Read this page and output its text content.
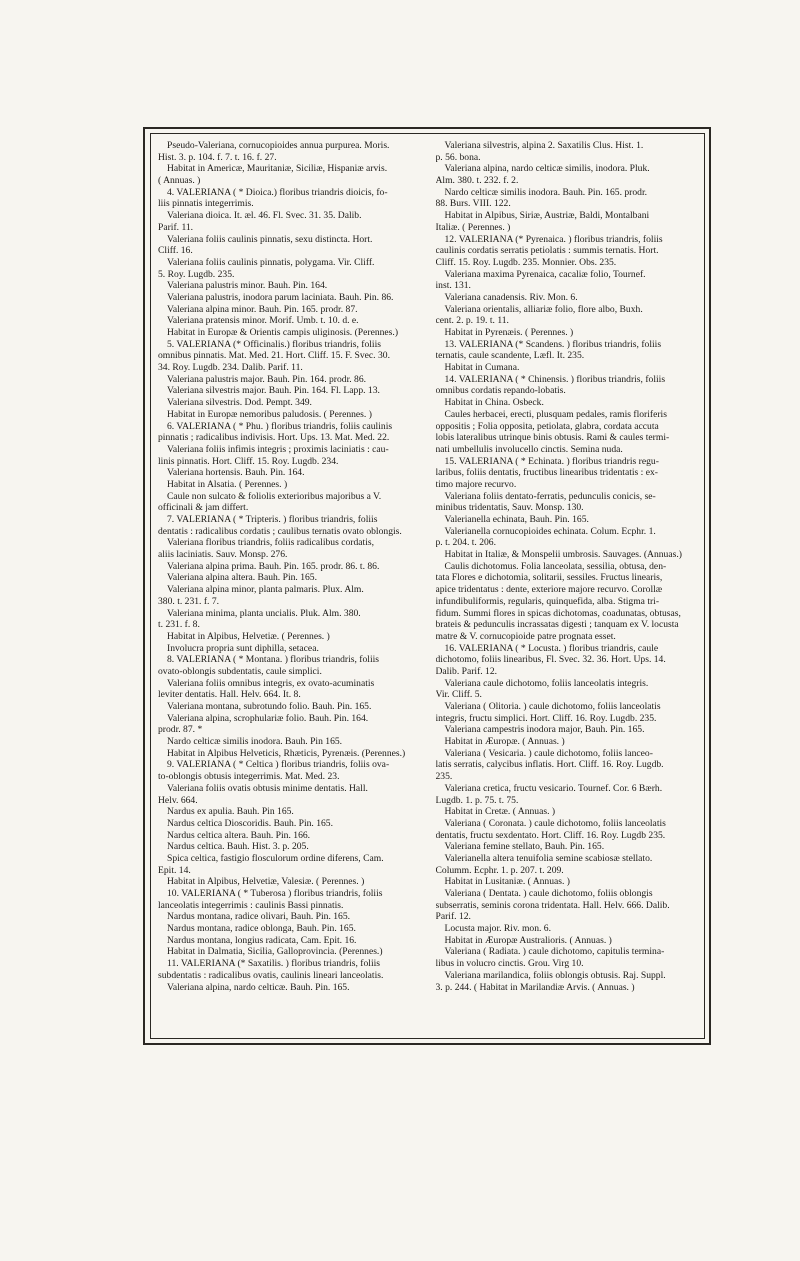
Pseudo-Valeriana, cornucopioides annua purpurea. Moris.
Hist. 3. p. 104. f. 7. t. 16. f. 27.
Habitat in Americæ, Mauritaniæ, Siciliæ, Hispaniæ arvis.
( Annuas. )
4. VALERIANA ( * Dioica.) floribus triandris dioicis, fo-
liis pinnatis integerrimis.
Valeriana dioica. It. æl. 46. Fl. Svec. 31. 35. Dalib.
Parif. 11.
Valeriana foliis caulinis pinnatis, sexu distincta. Hort.
Cliff. 16.
Valeriana foliis caulinis pinnatis, polygama. Vir. Cliff.
5. Roy. Lugdb. 235.
Valeriana palustris minor. Bauh. Pin. 164.
Valeriana palustris, inodora parum laciniata. Bauh. Pin. 86.
Valeriana alpina minor. Bauh. Pin. 165. prodr. 87.
Valeriana pratensis minor. Morif. Umb. t. 10. d. e.
Habitat in Europæ & Orientis campis uliginosis. (Perennes.)
5. VALERIANA (* Officinalis.) floribus triandris, foliis
omnibus pinnatis. Mat. Med. 21. Hort. Cliff. 15. F. Svec. 30.
34. Roy. Lugdb. 234. Dalib. Parif. 11.
Valeriana palustris major. Bauh. Pin. 164. prodr. 86.
Valeriana silvestris major. Bauh. Pin. 164. Fl. Lapp. 13.
Valeriana silvestris. Dod. Pempt. 349.
Habitat in Europæ nemoribus paludosis. ( Perennes. )
6. VALERIANA ( * Phu. ) floribus triandris, foliis caulinis
pinnatis ; radicalibus indivisis. Hort. Ups. 13. Mat. Med. 22.
Valeriana foliis infimis integris ; proximis laciniatis : cau-
linis pinnatis. Hort. Cliff. 15. Roy. Lugdb. 234.
Valeriana hortensis. Bauh. Pin. 164.
Habitat in Alsatia. ( Perennes. )
Caule non sulcato & foliolis exterioribus majoribus a V.
officinali & jam differt.
7. VALERIANA ( * Tripteris. ) floribus triandris, foliis
dentatis : radicalibus cordatis ; caulibus ternatis ovato oblongis.
Valeriana floribus triandris, foliis radicalibus cordatis,
aliis laciniatis. Sauv. Monsp. 276.
Valeriana alpina prima. Bauh. Pin. 165. prodr. 86. t. 86.
Valeriana alpina altera. Bauh. Pin. 165.
Valeriana alpina minor, planta palmaris. Plux. Alm.
380. t. 231. f. 7.
Valeriana minima, planta uncialis. Pluk. Alm. 380.
t. 231. f. 8.
Habitat in Alpibus, Helvetiæ. ( Perennes. )
Involucra propria sunt diphilla, setacea.
8. VALERIANA ( * Montana. ) floribus triandris, foliis
ovato-oblongis subdentatis, caule simplici.
Valeriana foliis omnibus integris, ex ovato-acuminatis
leviter dentatis. Hall. Helv. 664. It. 8.
Valeriana montana, subrotundo folio. Bauh. Pin. 165.
Valeriana alpina, scrophulariæ folio. Bauh. Pin. 164.
prodr. 87. *
Nardo celticæ similis inodora. Bauh. Pin 165.
Habitat in Alpibus Helveticis, Rhæticis, Pyrenæis. (Perennes.)
9. VALERIANA ( * Celtica ) floribus triandris, foliis ova-
to-oblongis obtusis integerrimis. Mat. Med. 23.
Valeriana foliis ovatis obtusis minime dentatis. Hall.
Helv. 664.
Nardus ex apulia. Bauh. Pin 165.
Nardus celtica Dioscoridis. Bauh. Pin. 165.
Nardus celtica altera. Bauh. Pin. 166.
Nardus celtica. Bauh. Hist. 3. p. 205.
Spica celtica, fastigio flosculorum ordine diferens, Cam.
Epit. 14.
Habitat in Alpibus, Helvetiæ, Valesiæ. ( Perennes. )
10. VALERIANA ( * Tuberosa ) floribus triandris, foliis
lanceolatis integerrimis : caulinis Bassi pinnatis.
Nardus montana, radice olivari, Bauh. Pin. 165.
Nardus montana, radice oblonga, Bauh. Pin. 165.
Nardus montana, longius radicata, Cam. Epit. 16.
Habitat in Dalmatia, Sicilia, Galloprovincia. (Perennes.)
11. VALERIANA (* Saxatilis. ) floribus triandris, foliis
subdentatis : radicalibus ovatis, caulinis lineari lanceolatis.
Valeriana alpina, nardo celticæ. Bauh. Pin. 165.
Valeriana silvestris, alpina 2. Saxatilis Clus. Hist. 1.
p. 56. bona.
Valeriana alpina, nardo celticæ similis, inodora. Pluk.
Alm. 380. t. 232. f. 2.
Nardo celticæ similis inodora. Bauh. Pin. 165. prodr.
88. Burs. VIII. 122.
Habitat in Alpibus, Siriæ, Austriæ, Baldi, Montalbani
Italiæ. ( Perennes. )
12. VALERIANA (* Pyrenaica. ) floribus triandris, foliis
caulinis cordatis serratis petiolatis : summis ternatis. Hort.
Cliff. 15. Roy. Lugdb. 235. Monnier. Obs. 235.
Valeriana maxima Pyrenaica, cacaliæ folio, Tournef.
inst. 131.
Valeriana canadensis. Riv. Mon. 6.
Valeriana orientalis, alliariæ folio, flore albo, Buxh.
cent. 2. p. 19. t. 11.
Habitat in Pyrenæis. ( Perennes. )
13. VALERIANA (* Scandens. ) floribus triandris, foliis
ternatis, caule scandente, Læfl. It. 235.
Habitat in Cumana.
14. VALERIANA ( * Chinensis. ) floribus triandris, foliis
omnibus cordatis repando-lobatis.
Habitat in China. Osbeck.
Caules herbacei, erecti, plusquam pedales, ramis floriferis
oppositis ; Folia opposita, petiolata, glabra, cordata accuta
lobis lateralibus utrinque binis obtusis. Rami & caules termi-
nati umbellulis involucello cinctis. Semina nuda.
15. VALERIANA ( * Echinata. ) floribus triandris regu-
laribus, foliis dentatis, fructibus linearibus tridentatis : ex-
timo majore recurvo.
Valeriana foliis dentato-ferratis, pedunculis conicis, se-
minibus tridentatis, Sauv. Monsp. 130.
Valerianella echinata, Bauh. Pin. 165.
Valerianella cornucopioides echinata. Colum. Ecphr. 1.
p. t. 204. t. 206.
Habitat in Italiæ, & Monspelii umbrosis. Sauvages. (Annuas.)
Caulis dichotomus. Folia lanceolata, sessilia, obtusa, den-
tata Flores e dichotomia, solitarii, sessiles. Fructus linearis,
apice tridentatus : dente, exteriore majore recurvo. Corollæ
infundibuliformis, regularis, quinquefida, alba. Stigma tri-
fidum. Summi flores in spicas dichotomas, coadunatas, obtusas,
brateis & pedunculis incrassatas digesti ; tanquam ex V. locusta
matre & V. cornucopioide patre prognata esset.
16. VALERIANA ( * Locusta. ) floribus triandris, caule
dichotomo, foliis linearibus, Fl. Svec. 32. 36. Hort. Ups. 14.
Dalib. Parif. 12.
Valeriana caule dichotomo, foliis lanceolatis integris.
Vir. Cliff. 5.
Valeriana ( Olitoria. ) caule dichotomo, foliis lanceolatis
integris, fructu simplici. Hort. Cliff. 16. Roy. Lugdb. 235.
Valeriana campestris inodora major, Bauh. Pin. 165.
Habitat in Æuropæ. ( Annuas. )
Valeriana ( Vesicaria. ) caule dichotomo, foliis lanceo-
latis serratis, calycibus inflatis. Hort. Cliff. 16. Roy. Lugdb.
235.
Valeriana cretica, fructu vesicario. Tournef. Cor. 6 Bærh.
Lugdb. 1. p. 75. t. 75.
Habitat in Cretæ. ( Annuas. )
Valeriana ( Coronata. ) caule dichotomo, foliis lanceolatis
dentatis, fructu sexdentato. Hort. Cliff. 16. Roy. Lugdb 235.
Valeriana femine stellato, Bauh. Pin. 165.
Valerianella altera tenuifolia semine scabiosæ stellato.
Columm. Ecphr. 1. p. 207. t. 209.
Habitat in Lusitaniæ. ( Annuas. )
Valeriana ( Dentata. ) caule dichotomo, foliis oblongis
subserratis, seminis corona tridentata. Hall. Helv. 666. Dalib.
Parif. 12.
Locusta major. Riv. mon. 6.
Habitat in Æuropæ Australioris. ( Annuas. )
Valeriana ( Radiata. ) caule dichotomo, capitulis termina-
libus in volucro cinctis. Grou. Virg 10.
Valeriana marilandica, foliis oblongis obtusis. Raj. Suppl.
3. p. 244. ( Habitat in Marilandiæ Arvis. ( Annuas. )
